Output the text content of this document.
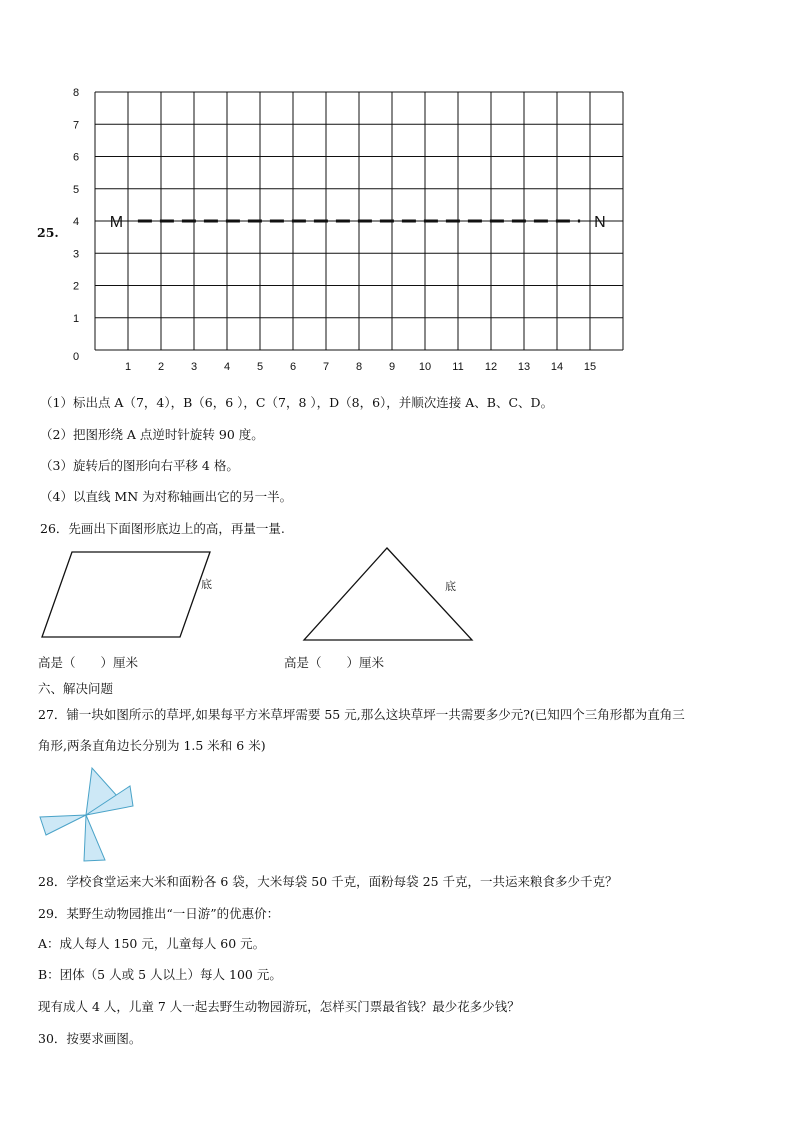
25.
0
1
2
3
4
5
6
7
8
1 2 3 4 5 6 7 8 9 10 11 12 13 14 15
M	N
（1）标出点 A（7，4），B（6，6 ），C（7，8 ），D（8，6），并顺次连接 A、B、C、D。
（2）把图形绕 A 点逆时针旋转 90 度。
（3）旋转后的图形向右平移 4 格。
（4）以直线 MN 为对称轴画出它的另一半。
26．先画出下面图形底边上的高，再量一量.
底	底
高是（　　）厘米	高是（　　）厘米
六、解决问题
27．铺一块如图所示的草坪,如果每平方米草坪需要 55 元,那么这块草坪一共需要多少元?(已知四个三角形都为直角三
角形,两条直角边长分别为 1.5 米和 6 米)
28．学校食堂运来大米和面粉各 6 袋，大米每袋 50 千克，面粉每袋 25 千克，一共运来粮食多少千克？
29．某野生动物园推出“一日游”的优惠价：
A：成人每人 150 元，儿童每人 60 元。
B：团体（5 人或 5 人以上）每人 100 元。
现有成人 4 人，儿童 7 人一起去野生动物园游玩，怎样买门票最省钱？最少花多少钱？
30．按要求画图。
